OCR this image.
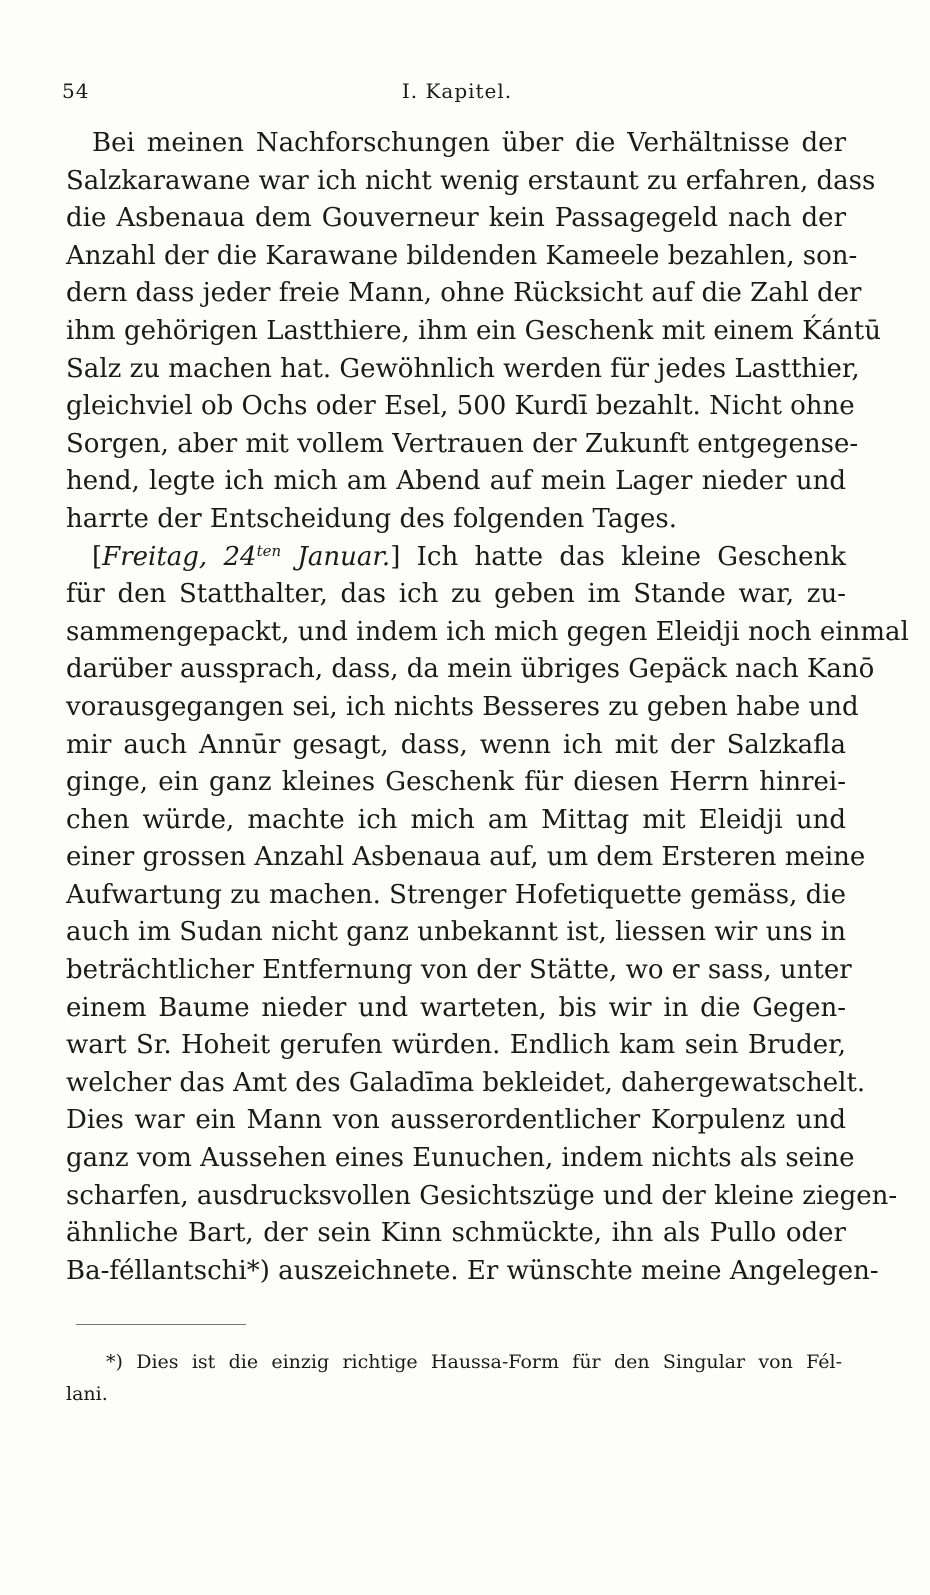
54	I. Kapitel.
Bei meinen Nachforschungen über die Verhältnisse der
Salzkarawane war ich nicht wenig erstaunt zu erfahren, dass
die Asbenaua dem Gouverneur kein Passagegeld nach der
Anzahl der die Karawane bildenden Kameele bezahlen, son-
dern dass jeder freie Mann, ohne Rücksicht auf die Zahl der
ihm gehörigen Lastthiere, ihm ein Geschenk mit einem Ḱántū
Salz zu machen hat. Gewöhnlich werden für jedes Lastthier,
gleichviel ob Ochs oder Esel, 500 Kurdī bezahlt. Nicht ohne
Sorgen, aber mit vollem Vertrauen der Zukunft entgegense-
hend, legte ich mich am Abend auf mein Lager nieder und
harrte der Entscheidung des folgenden Tages.
[Freitag, $24^{ten}$ Januar.] Ich hatte das kleine Geschenk
für den Statthalter, das ich zu geben im Stande war, zu-
sammengepackt, und indem ich mich gegen Eleidji noch einmal
darüber aussprach, dass, da mein übriges Gepäck nach Kanō
vorausgegangen sei, ich nichts Besseres zu geben habe und
mir auch Annūr gesagt, dass, wenn ich mit der Salzkafla
ginge, ein ganz kleines Geschenk für diesen Herrn hinrei-
chen würde, machte ich mich am Mittag mit Eleidji und
einer grossen Anzahl Asbenaua auf, um dem Ersteren meine
Aufwartung zu machen. Strenger Hofetiquette gemäss, die
auch im Sudan nicht ganz unbekannt ist, liessen wir uns in
beträchtlicher Entfernung von der Stätte, wo er sass, unter
einem Baume nieder und warteten, bis wir in die Gegen-
wart Sr. Hoheit gerufen würden. Endlich kam sein Bruder,
welcher das Amt des Galadīma bekleidet, dahergewatschelt.
Dies war ein Mann von ausserordentlicher Korpulenz und
ganz vom Aussehen eines Eunuchen, indem nichts als seine
scharfen, ausdrucksvollen Gesichtszüge und der kleine ziegen-
ähnliche Bart, der sein Kinn schmückte, ihn als Pullo oder
Ba-féllantschi*) auszeichnete. Er wünschte meine Angelegen-
*) Dies ist die einzig richtige Haussa-Form für den Singular von Fél-
lani.
